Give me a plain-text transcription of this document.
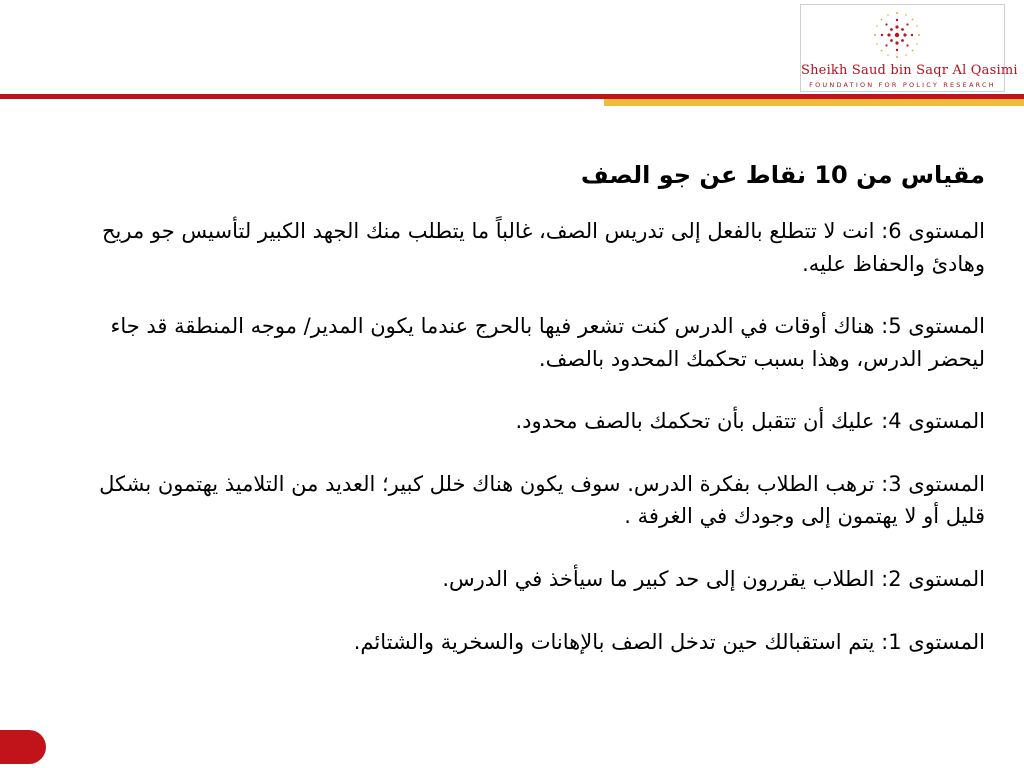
Sheikh Saud bin Saqr Al Qasimi
FOUNDATION FOR POLICY RESEARCH
مقياس من 10 نقاط عن جو الصف

المستوى 6: انت لا تتطلع بالفعل إلى تدريس الصف، غالباً ما يتطلب منك الجهد الكبير لتأسيس جو مريح وهادئ والحفاظ عليه.

المستوى 5: هناك أوقات في الدرس كنت تشعر فيها بالحرج عندما يكون المدير/ موجه المنطقة قد جاء ليحضر الدرس، وهذا بسبب تحكمك المحدود بالصف.

المستوى 4: عليك أن تتقبل بأن تحكمك بالصف محدود.

المستوى 3: ترهب الطلاب بفكرة الدرس. سوف يكون هناك خلل كبير؛ العديد من التلاميذ يهتمون بشكل قليل أو لا يهتمون إلى وجودك في الغرفة .

المستوى 2: الطلاب يقررون إلى حد كبير ما سيأخذ في الدرس.

المستوى 1: يتم استقبالك حين تدخل الصف بالإهانات والسخرية والشتائم.
